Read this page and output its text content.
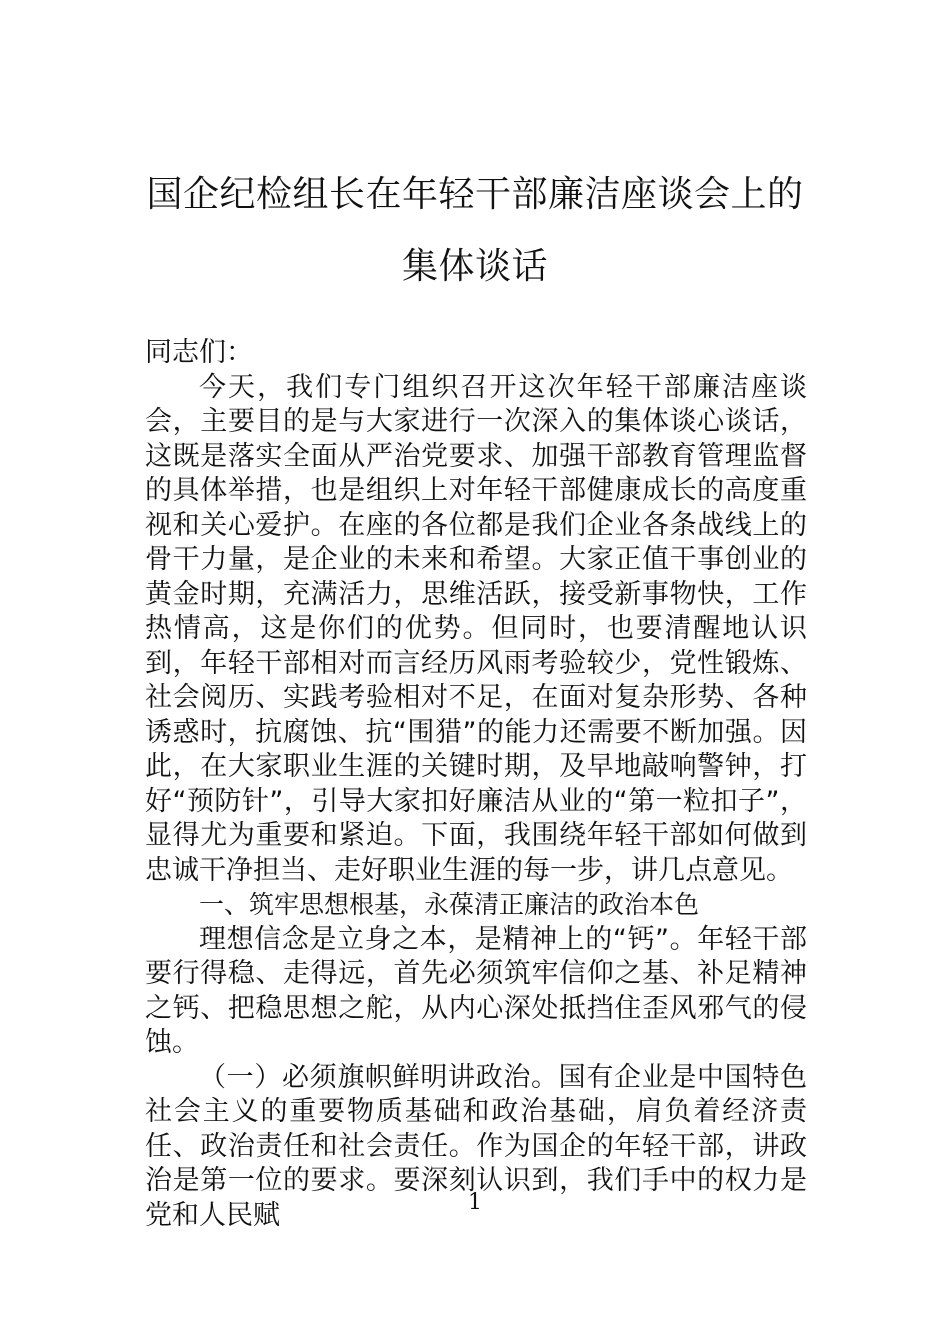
国企纪检组长在年轻干部廉洁座谈会上的
集体谈话

同志们：

今天，我们专门组织召开这次年轻干部廉洁座谈会，主要目的是与大家进行一次深入的集体谈心谈话，这既是落实全面从严治党要求、加强干部教育管理监督的具体举措，也是组织上对年轻干部健康成长的高度重视和关心爱护。在座的各位都是我们企业各条战线上的骨干力量，是企业的未来和希望。大家正值干事创业的黄金时期，充满活力，思维活跃，接受新事物快，工作热情高，这是你们的优势。但同时，也要清醒地认识到，年轻干部相对而言经历风雨考验较少，党性锻炼、社会阅历、实践考验相对不足，在面对复杂形势、各种诱惑时，抗腐蚀、抗“围猎”的能力还需要不断加强。因此，在大家职业生涯的关键时期，及早地敲响警钟，打好“预防针”，引导大家扣好廉洁从业的“第一粒扣子”，显得尤为重要和紧迫。下面，我围绕年轻干部如何做到忠诚干净担当、走好职业生涯的每一步，讲几点意见。

一、筑牢思想根基，永葆清正廉洁的政治本色

理想信念是立身之本，是精神上的“钙”。年轻干部要行得稳、走得远，首先必须筑牢信仰之基、补足精神之钙、把稳思想之舵，从内心深处抵挡住歪风邪气的侵蚀。

（一）必须旗帜鲜明讲政治。国有企业是中国特色社会主义的重要物质基础和政治基础，肩负着经济责任、政治责任和社会责任。作为国企的年轻干部，讲政治是第一位的要求。要深刻认识到，我们手中的权力是党和人民赋	1
